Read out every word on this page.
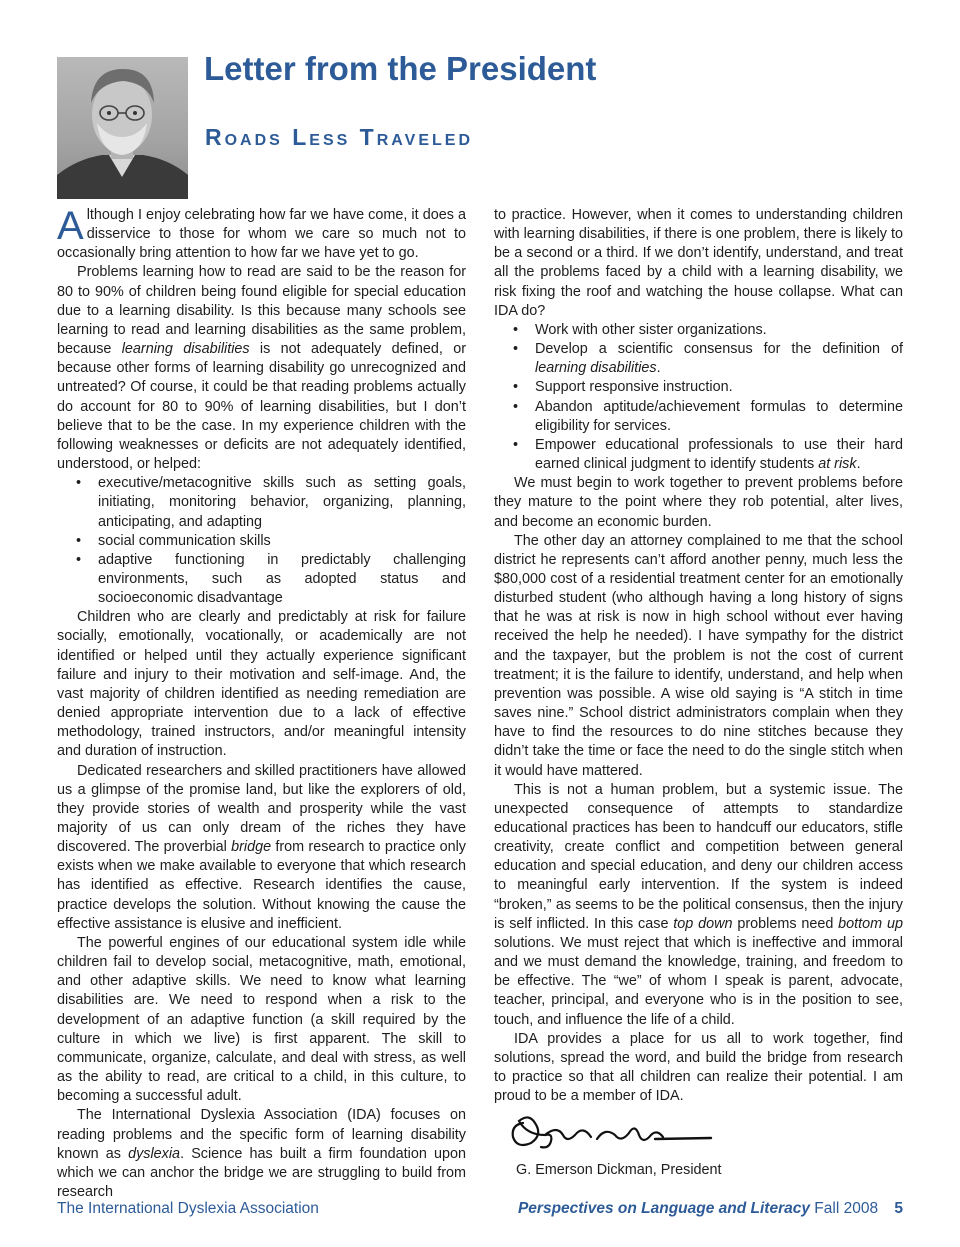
Letter from the President
Roads Less Traveled

Although I enjoy celebrating how far we have come, it does a disservice to those for whom we care so much not to occasionally bring attention to how far we have yet to go.

Problems learning how to read are said to be the reason for 80 to 90% of children being found eligible for special education due to a learning disability. Is this because many schools see learning to read and learning disabilities as the same problem, because learning disabilities is not adequately defined, or because other forms of learning disability go unrecognized and untreated? Of course, it could be that reading problems actually do account for 80 to 90% of learning disabilities, but I don’t believe that to be the case. In my experience children with the following weaknesses or deficits are not adequately identified, understood, or helped:

• executive/metacognitive skills such as setting goals, initiating, monitoring behavior, organizing, planning, anticipating, and adapting
• social communication skills
• adaptive functioning in predictably challenging environments, such as adopted status and socioeconomic disadvantage

Children who are clearly and predictably at risk for failure socially, emotionally, vocationally, or academically are not identified or helped until they actually experience significant failure and injury to their motivation and self-image. And, the vast majority of children identified as needing remediation are denied appropriate intervention due to a lack of effective methodology, trained instructors, and/or meaningful intensity and duration of instruction.

Dedicated researchers and skilled practitioners have allowed us a glimpse of the promise land, but like the explorers of old, they provide stories of wealth and prosperity while the vast majority of us can only dream of the riches they have discovered. The proverbial bridge from research to practice only exists when we make available to everyone that which research has identified as effective. Research identifies the cause, practice develops the solution. Without knowing the cause the effective assistance is elusive and inefficient.

The powerful engines of our educational system idle while children fail to develop social, metacognitive, math, emotional, and other adaptive skills. We need to know what learning disabilities are. We need to respond when a risk to the development of an adaptive function (a skill required by the culture in which we live) is first apparent. The skill to communicate, organize, calculate, and deal with stress, as well as the ability to read, are critical to a child, in this culture, to becoming a successful adult.

The International Dyslexia Association (IDA) focuses on reading problems and the specific form of learning disability known as dyslexia. Science has built a firm foundation upon which we can anchor the bridge we are struggling to build from research

to practice. However, when it comes to understanding children with learning disabilities, if there is one problem, there is likely to be a second or a third. If we don’t identify, understand, and treat all the problems faced by a child with a learning disability, we risk fixing the roof and watching the house collapse. What can IDA do?

• Work with other sister organizations.
• Develop a scientific consensus for the definition of learning disabilities.
• Support responsive instruction.
• Abandon aptitude/achievement formulas to determine eligibility for services.
• Empower educational professionals to use their hard earned clinical judgment to identify students at risk.

We must begin to work together to prevent problems before they mature to the point where they rob potential, alter lives, and become an economic burden.

The other day an attorney complained to me that the school district he represents can’t afford another penny, much less the $80,000 cost of a residential treatment center for an emotionally disturbed student (who although having a long history of signs that he was at risk is now in high school without ever having received the help he needed). I have sympathy for the district and the taxpayer, but the problem is not the cost of current treatment; it is the failure to identify, understand, and help when prevention was possible. A wise old saying is “A stitch in time saves nine.” School district administrators complain when they have to find the resources to do nine stitches because they didn’t take the time or face the need to do the single stitch when it would have mattered.

This is not a human problem, but a systemic issue. The unexpected consequence of attempts to standardize educational practices has been to handcuff our educators, stifle creativity, create conflict and competition between general education and special education, and deny our children access to meaningful early intervention. If the system is indeed “broken,” as seems to be the political consensus, then the injury is self inflicted. In this case top down problems need bottom up solutions. We must reject that which is ineffective and immoral and we must demand the knowledge, training, and freedom to be effective. The “we” of whom I speak is parent, advocate, teacher, principal, and everyone who is in the position to see, touch, and influence the life of a child.

IDA provides a place for us all to work together, find solutions, spread the word, and build the bridge from research to practice so that all children can realize their potential. I am proud to be a member of IDA.

G. Emerson Dickman, President
The International Dyslexia Association	Perspectives on Language and Literacy Fall 2008 5
